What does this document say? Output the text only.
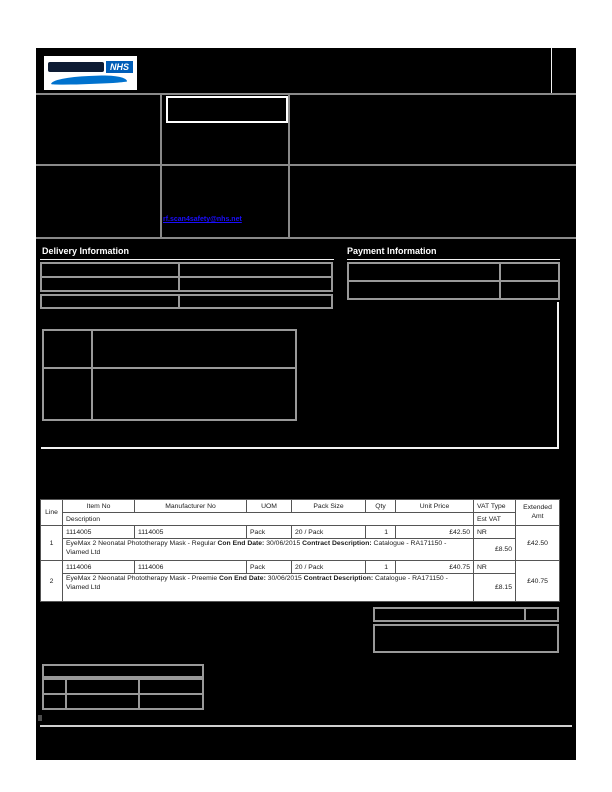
NHS
rf.scan4safety@nhs.net
Delivery Information	Payment Information
Line	Item No	Manufacturer No	UOM	Pack Size	Qty	Unit Price	VAT Type	Extended Amt
	Description						Est VAT	
1	1114005	1114005	Pack	20 / Pack	1	£42.50	NR	£42.50
	EyeMax 2 Neonatal Phototherapy Mask - Regular Con End Date: 30/06/2015 Contract Description: Catalogue - RA171150 - Viamed Ltd						£8.50	
2	1114006	1114006	Pack	20 / Pack	1	£40.75	NR	£40.75
	EyeMax 2 Neonatal Phototherapy Mask - Preemie Con End Date: 30/06/2015 Contract Description: Catalogue - RA171150 - Viamed Ltd						£8.15	
